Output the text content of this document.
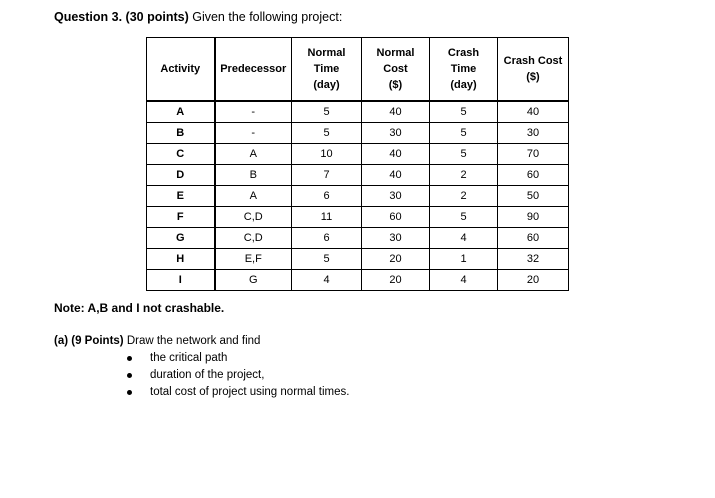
Question 3. (30 points) Given the following project:
Activity	Predecessor	Normal
Time
(day)	Normal
Cost
($)	Crash
Time
(day)	Crash Cost
($)

A	-	5	40	5	40
B	-	5	30	5	30
C	A	10	40	5	70
D	B	7	40	2	60
E	A	6	30	2	50
F	C,D	11	60	5	90
G	C,D	6	30	4	60
H	E,F	5	20	1	32
I	G	4	20	4	20
Note: A,B and I not crashable.
(a) (9 Points) Draw the network and find
the critical path
duration of the project,
total cost of project using normal times.
